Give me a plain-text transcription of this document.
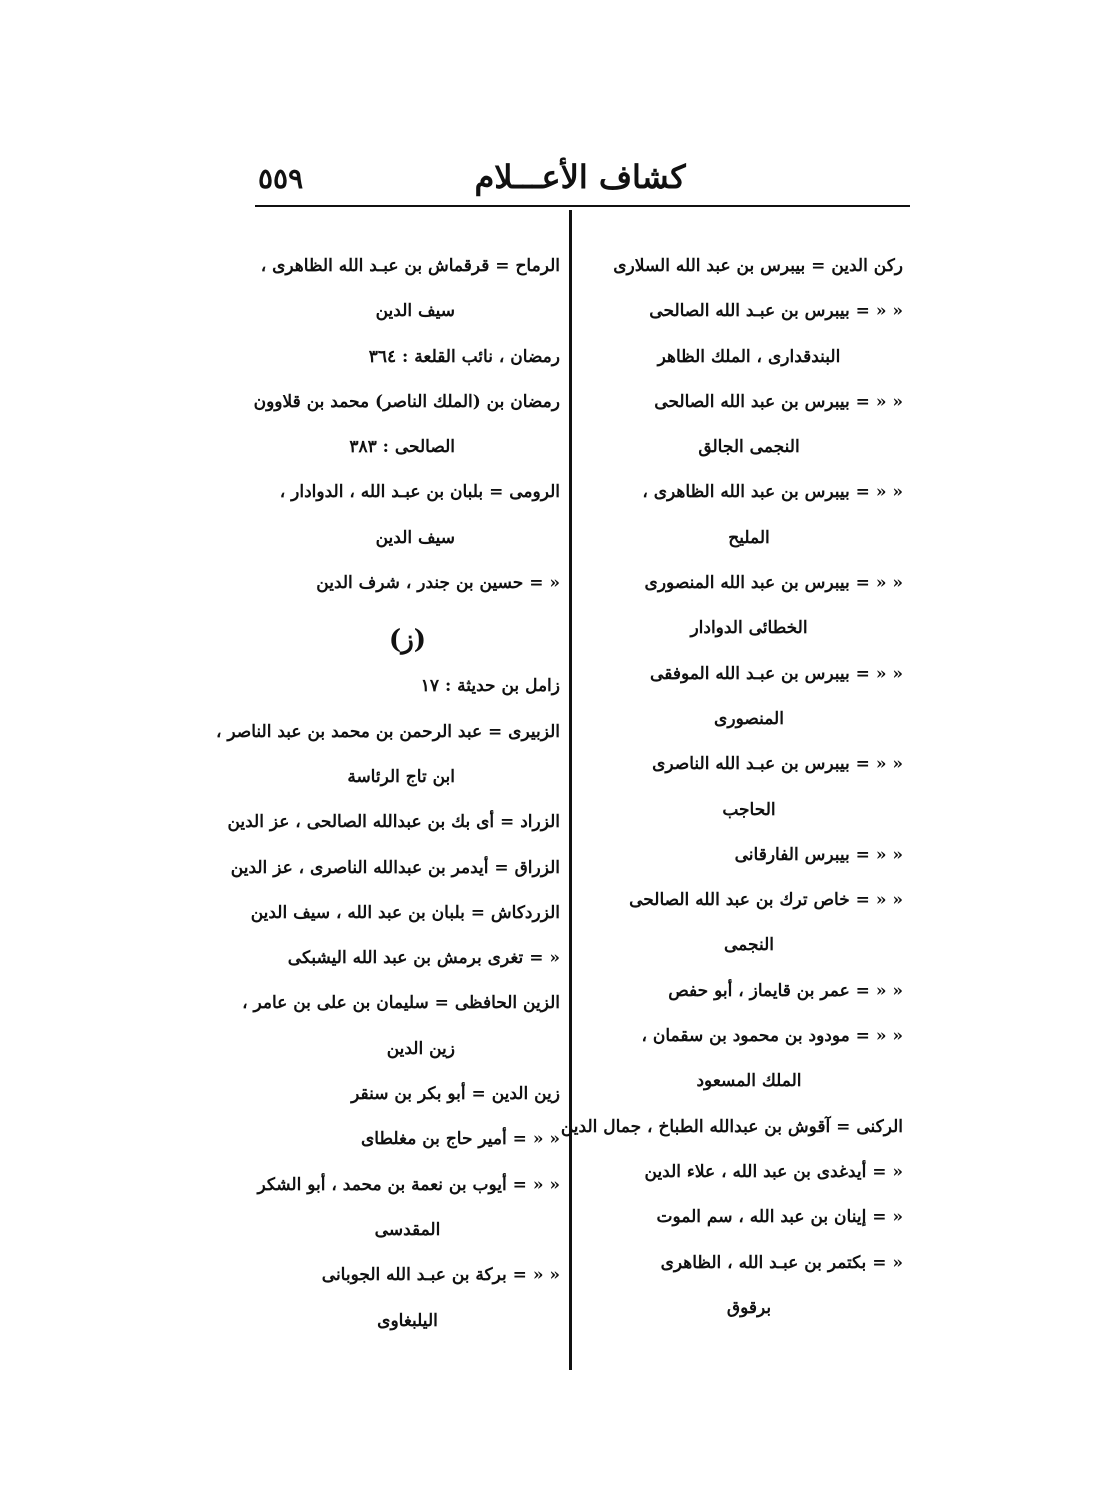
٥٥٩	كشاف الأعـــلام
ركن الدين = بيبرس بن عبد الله السلارى
« « = بيبرس بن عبـد الله الصالحى
البندقدارى ، الملك الظاهر
« « = بيبرس بن عبد الله الصالحى
النجمى الجالق
« « = بيبرس بن عبد الله الظاهرى ،
المليح
« « = بيبرس بن عبد الله المنصورى
الخطائى الدوادار
« « = بيبرس بن عبـد الله الموفقى
المنصورى
« « = بيبرس بن عبـد الله الناصرى
الحاجب
« « = بيبرس الفارقانى
« « = خاص ترك بن عبد الله الصالحى
النجمى
« « = عمر بن قايماز ، أبو حفص
« « = مودود بن محمود بن سقمان ،
الملك المسعود
الركنى = آقوش بن عبدالله الطباخ ، جمال الدين
« = أيدغدى بن عبد الله ، علاء الدين
« = إينان بن عبد الله ، سم الموت
« = بكتمر بن عبـد الله ، الظاهرى
برقوق
الرماح = قرقماش بن عبـد الله الظاهرى ،
سيف الدين
رمضان ، نائب القلعة : ٣٦٤
رمضان بن (الملك الناصر) محمد بن قلاوون
الصالحى : ٣٨٣
الرومى = بلبان بن عبـد الله ، الدوادار ،
سيف الدين
« = حسين بن جندر ، شرف الدين
(ز)
زامل بن حديثة : ١٧
الزبيرى = عبد الرحمن بن محمد بن عبد الناصر ،
ابن تاج الرئاسة
الزراد = أى بك بن عبدالله الصالحى ، عز الدين
الزراق = أيدمر بن عبدالله الناصرى ، عز الدين
الزردكاش = بلبان بن عبد الله ، سيف الدين
« = تغرى برمش بن عبد الله اليشبكى
الزين الحافظى = سليمان بن على بن عامر ،
زين الدين
زين الدين = أبو بكر بن سنقر
« « = أمير حاج بن مغلطاى
« « = أيوب بن نعمة بن محمد ، أبو الشكر
المقدسى
« « = بركة بن عبـد الله الجوبانى
اليلبغاوى
